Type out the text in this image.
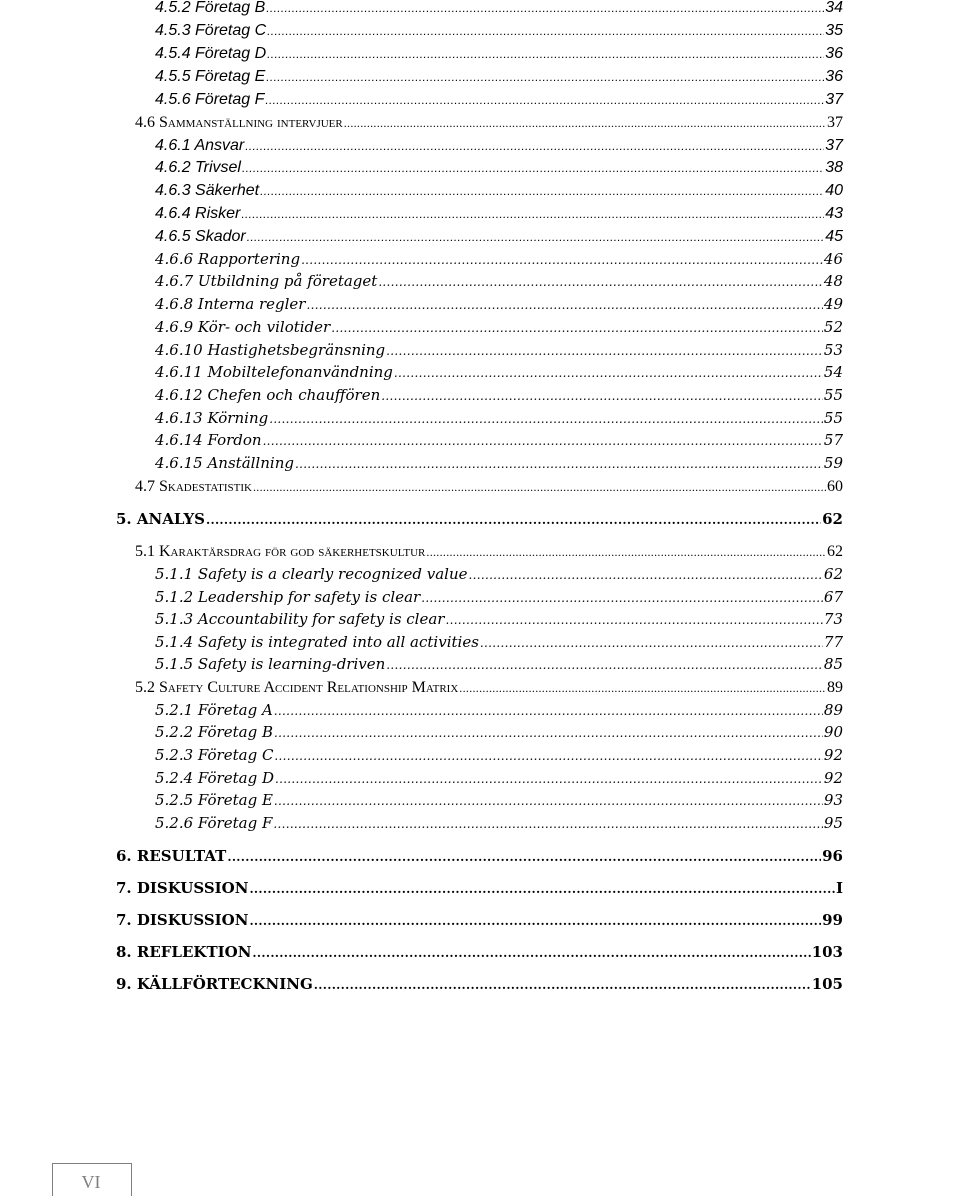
4.5.2 Företag B .....	34
4.5.3 Företag C .....	35
4.5.4 Företag D .....	36
4.5.5 Företag E .....	36
4.5.6 Företag F .....	37
4.6 Sammanställning intervjuer .....	37
4.6.1 Ansvar .....	37
4.6.2 Trivsel .....	38
4.6.3 Säkerhet .....	40
4.6.4 Risker .....	43
4.6.5 Skador .....	45
4.6.6 Rapportering .....	46
4.6.7 Utbildning på företaget .....	48
4.6.8 Interna regler .....	49
4.6.9 Kör- och vilotider .....	52
4.6.10 Hastighetsbegränsning .....	53
4.6.11 Mobiltelefonanvändning .....	54
4.6.12 Chefen och chauffören .....	55
4.6.13 Körning .....	55
4.6.14 Fordon .....	57
4.6.15 Anställning .....	59
4.7 Skadestatistik .....	60
5. ANALYS .....	62
5.1 Karaktärsdrag för god säkerhetskultur .....	62
5.1.1 Safety is a clearly recognized value .....	62
5.1.2 Leadership for safety is clear .....	67
5.1.3 Accountability for safety is clear .....	73
5.1.4 Safety is integrated into all activities .....	77
5.1.5 Safety is learning-driven .....	85
5.2 Safety Culture Accident Relationship Matrix .....	89
5.2.1 Företag A .....	89
5.2.2 Företag B .....	90
5.2.3 Företag C .....	92
5.2.4 Företag D .....	92
5.2.5 Företag E .....	93
5.2.6 Företag F .....	95
6. RESULTAT .....	96
7. DISKUSSION .....	I
7. DISKUSSION .....	99
8. REFLEKTION .....	103
9. KÄLLFÖRTECKNING .....	105
VI
